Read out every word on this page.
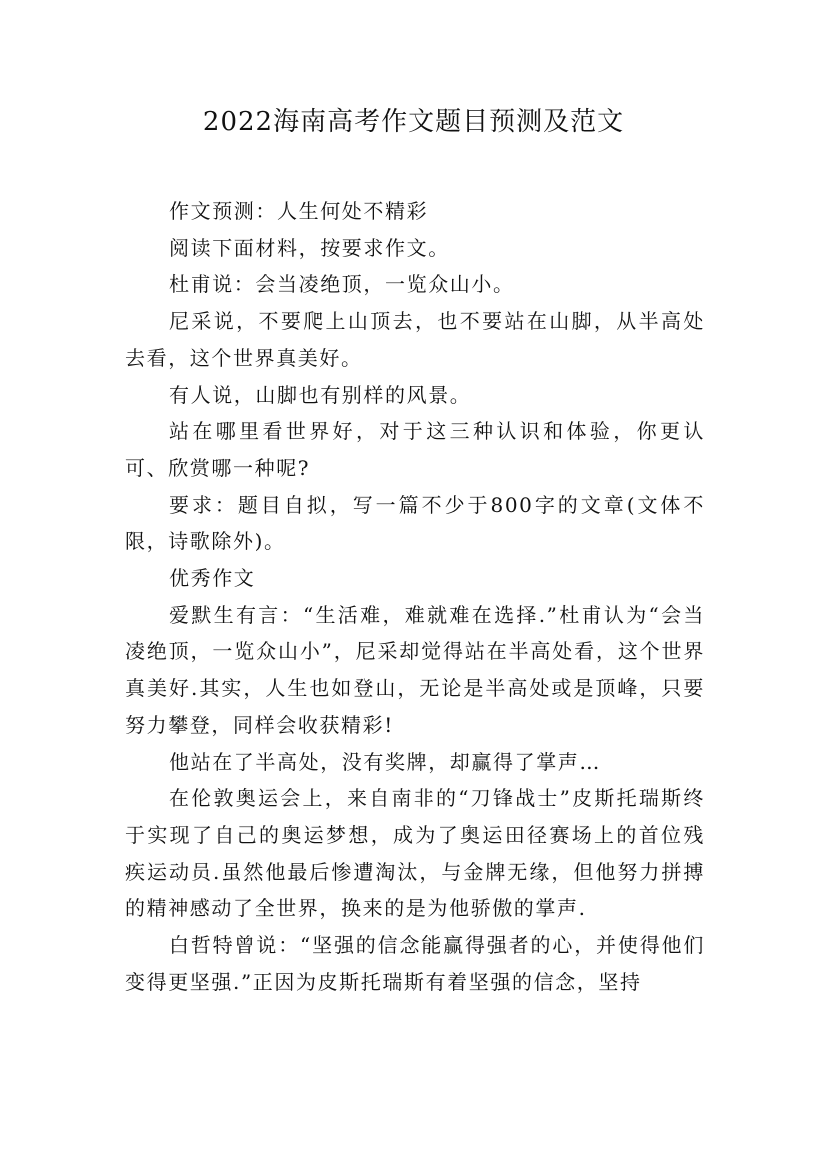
2022海南高考作文题目预测及范文

作文预测：人生何处不精彩

阅读下面材料，按要求作文。

杜甫说：会当凌绝顶，一览众山小。

尼采说，不要爬上山顶去，也不要站在山脚，从半高处去看，这个世界真美好。

有人说，山脚也有别样的风景。

站在哪里看世界好，对于这三种认识和体验，你更认可、欣赏哪一种呢?

要求：题目自拟，写一篇不少于800字的文章(文体不限，诗歌除外)。

优秀作文

爱默生有言：“生活难，难就难在选择.”杜甫认为“会当凌绝顶，一览众山小”，尼采却觉得站在半高处看，这个世界真美好.其实，人生也如登山，无论是半高处或是顶峰，只要努力攀登，同样会收获精彩!

他站在了半高处，没有奖牌，却赢得了掌声…

在伦敦奥运会上，来自南非的“刀锋战士”皮斯托瑞斯终于实现了自己的奥运梦想，成为了奥运田径赛场上的首位残疾运动员.虽然他最后惨遭淘汰，与金牌无缘，但他努力拼搏的精神感动了全世界，换来的是为他骄傲的掌声.

白哲特曾说：“坚强的信念能赢得强者的心，并使得他们变得更坚强.”正因为皮斯托瑞斯有着坚强的信念，坚持
